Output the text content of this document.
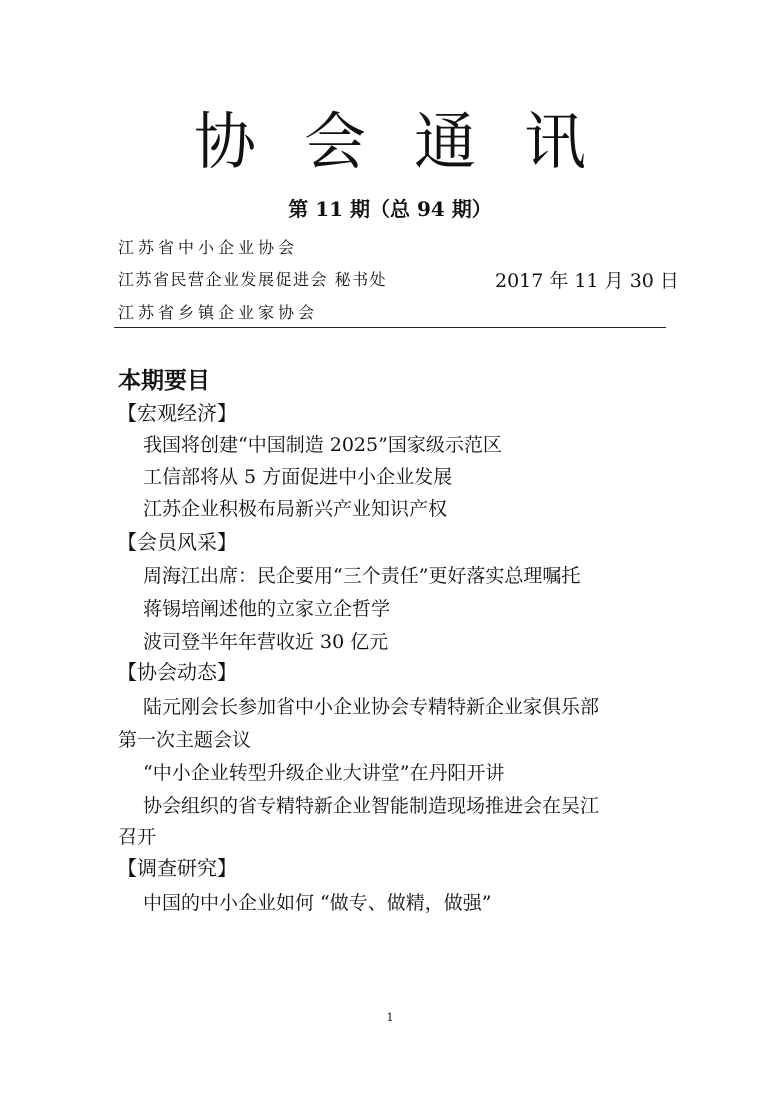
协会通讯
第 11 期（总 94 期）
江苏省中小企业协会
江苏省民营企业发展促进会 秘书处	2017 年 11 月 30 日
江苏省乡镇企业家协会
本期要目
【宏观经济】
我国将创建“中国制造 2025”国家级示范区
工信部将从 5 方面促进中小企业发展
江苏企业积极布局新兴产业知识产权
【会员风采】
周海江出席：民企要用“三个责任”更好落实总理嘱托
蒋锡培阐述他的立家立企哲学
波司登半年年营收近 30 亿元
【协会动态】
陆元刚会长参加省中小企业协会专精特新企业家俱乐部
第一次主题会议
“中小企业转型升级企业大讲堂”在丹阳开讲
协会组织的省专精特新企业智能制造现场推进会在吴江
召开
【调查研究】
中国的中小企业如何 “做专、做精，做强”
1
